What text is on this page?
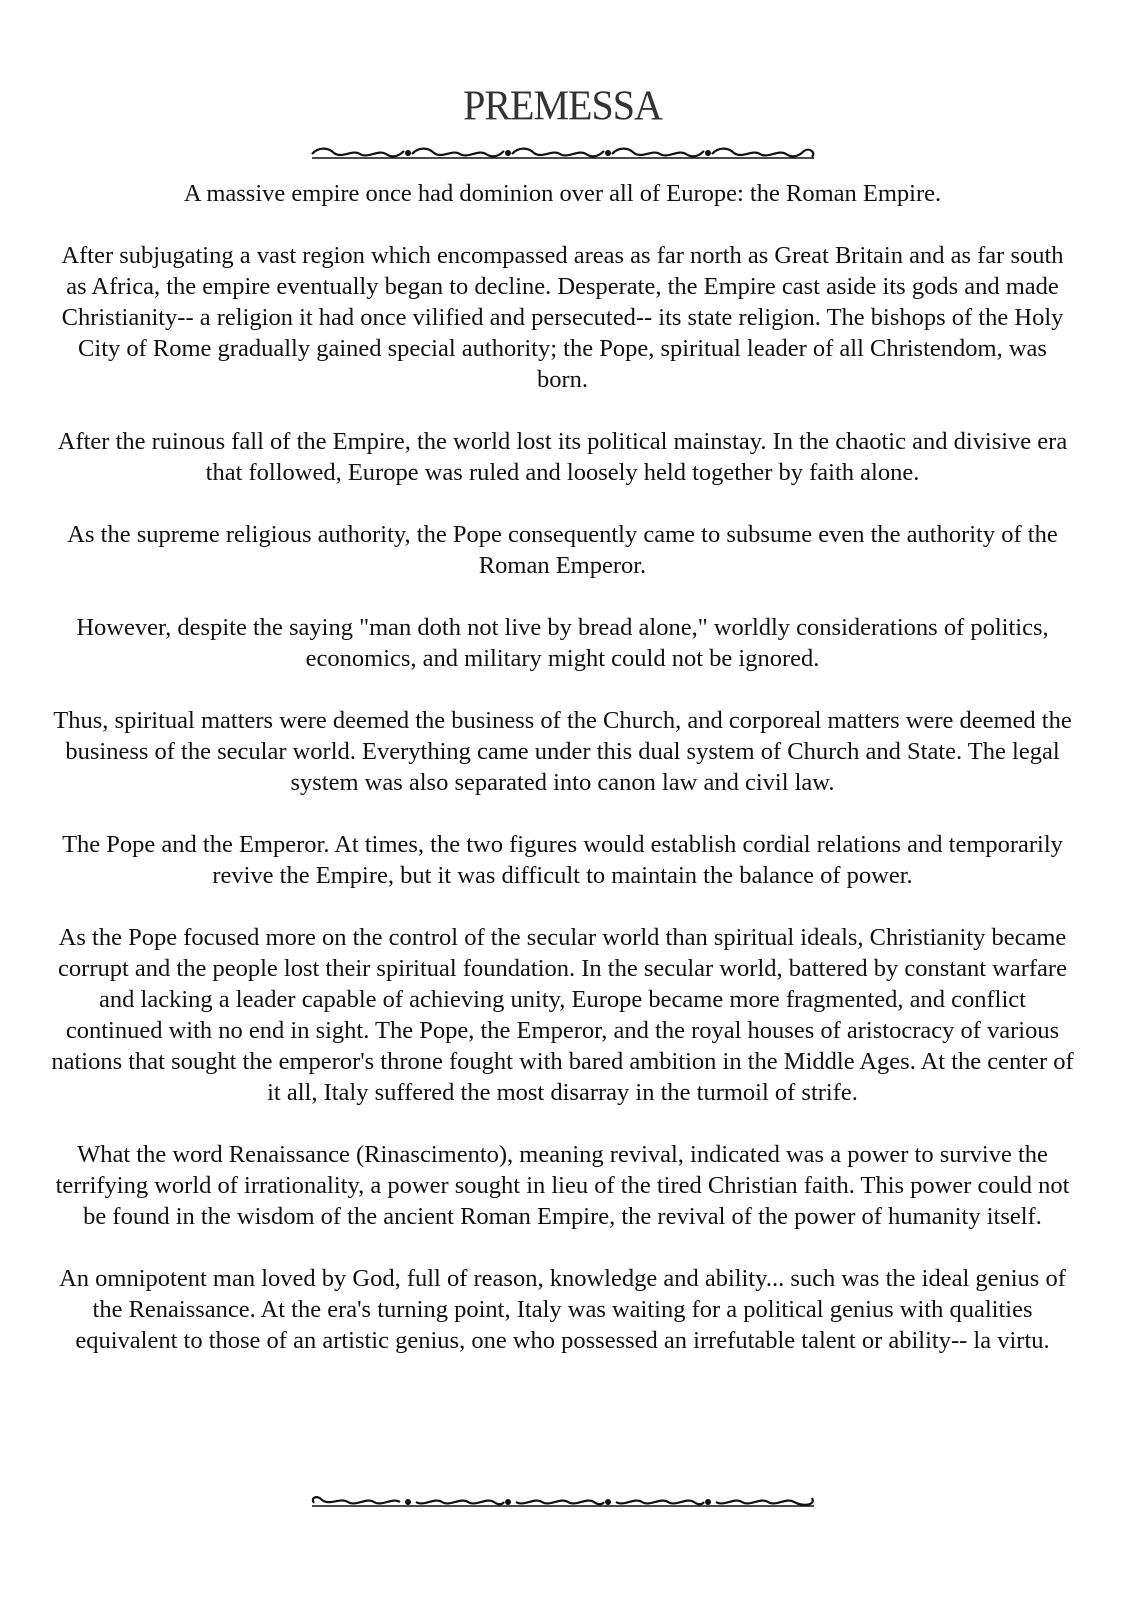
PREMESSA

A massive empire once had dominion over all of Europe: the Roman Empire.

After subjugating a vast region which encompassed areas as far north as Great Britain and as far south as Africa, the empire eventually began to decline. Desperate, the Empire cast aside its gods and made Christianity-- a religion it had once vilified and persecuted-- its state religion. The bishops of the Holy City of Rome gradually gained special authority; the Pope, spiritual leader of all Christendom, was born.

After the ruinous fall of the Empire, the world lost its political mainstay. In the chaotic and divisive era that followed, Europe was ruled and loosely held together by faith alone.

As the supreme religious authority, the Pope consequently came to subsume even the authority of the Roman Emperor.

However, despite the saying "man doth not live by bread alone," worldly considerations of politics, economics, and military might could not be ignored.

Thus, spiritual matters were deemed the business of the Church, and corporeal matters were deemed the business of the secular world. Everything came under this dual system of Church and State. The legal system was also separated into canon law and civil law.

The Pope and the Emperor. At times, the two figures would establish cordial relations and temporarily revive the Empire, but it was difficult to maintain the balance of power.

As the Pope focused more on the control of the secular world than spiritual ideals, Christianity became corrupt and the people lost their spiritual foundation. In the secular world, battered by constant warfare and lacking a leader capable of achieving unity, Europe became more fragmented, and conflict continued with no end in sight. The Pope, the Emperor, and the royal houses of aristocracy of various nations that sought the emperor's throne fought with bared ambition in the Middle Ages. At the center of it all, Italy suffered the most disarray in the turmoil of strife.

What the word Renaissance (Rinascimento), meaning revival, indicated was a power to survive the terrifying world of irrationality, a power sought in lieu of the tired Christian faith. This power could not be found in the wisdom of the ancient Roman Empire, the revival of the power of humanity itself.

An omnipotent man loved by God, full of reason, knowledge and ability... such was the ideal genius of the Renaissance. At the era's turning point, Italy was waiting for a political genius with qualities equivalent to those of an artistic genius, one who possessed an irrefutable talent or ability-- la virtu.
